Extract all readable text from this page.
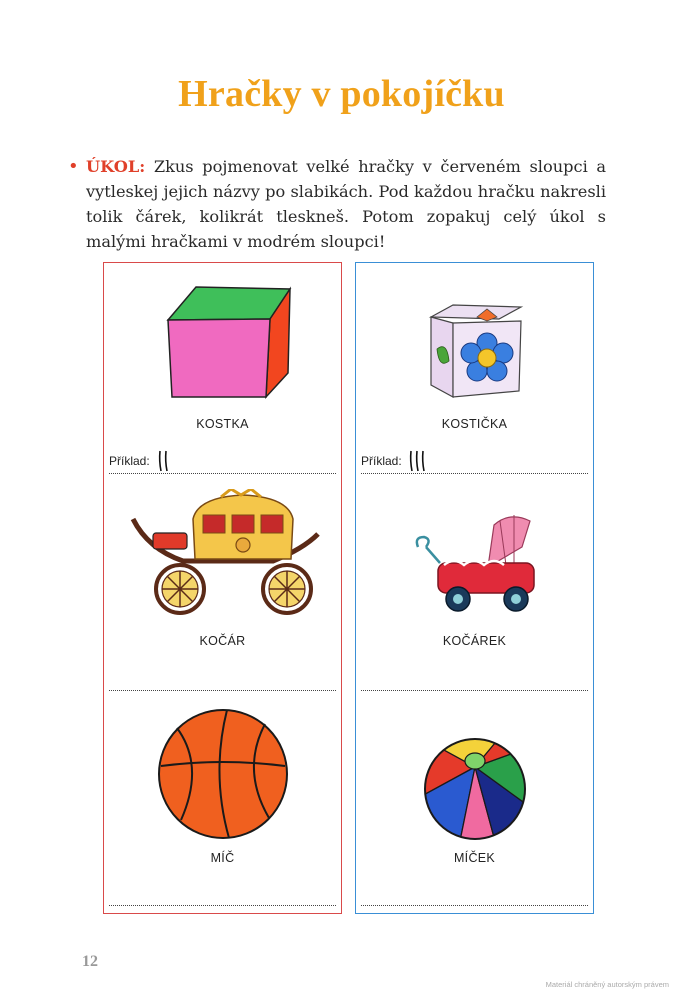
Hračky v pokojíčku
• ÚKOL: Zkus pojmenovat velké hračky v červeném sloupci a vytleskej jejich názvy po slabikách. Pod každou hračku nakresli tolik čárek, kolikrát tleskneš. Potom zopakuj celý úkol s malými hračkami v modrém sloupci!

KOSTKA
Příklad:
KOČÁR
MÍČ
KOSTIČKA
Příklad:
KOČÁREK
MÍČEK
12
Materiál chráněný autorským právem
